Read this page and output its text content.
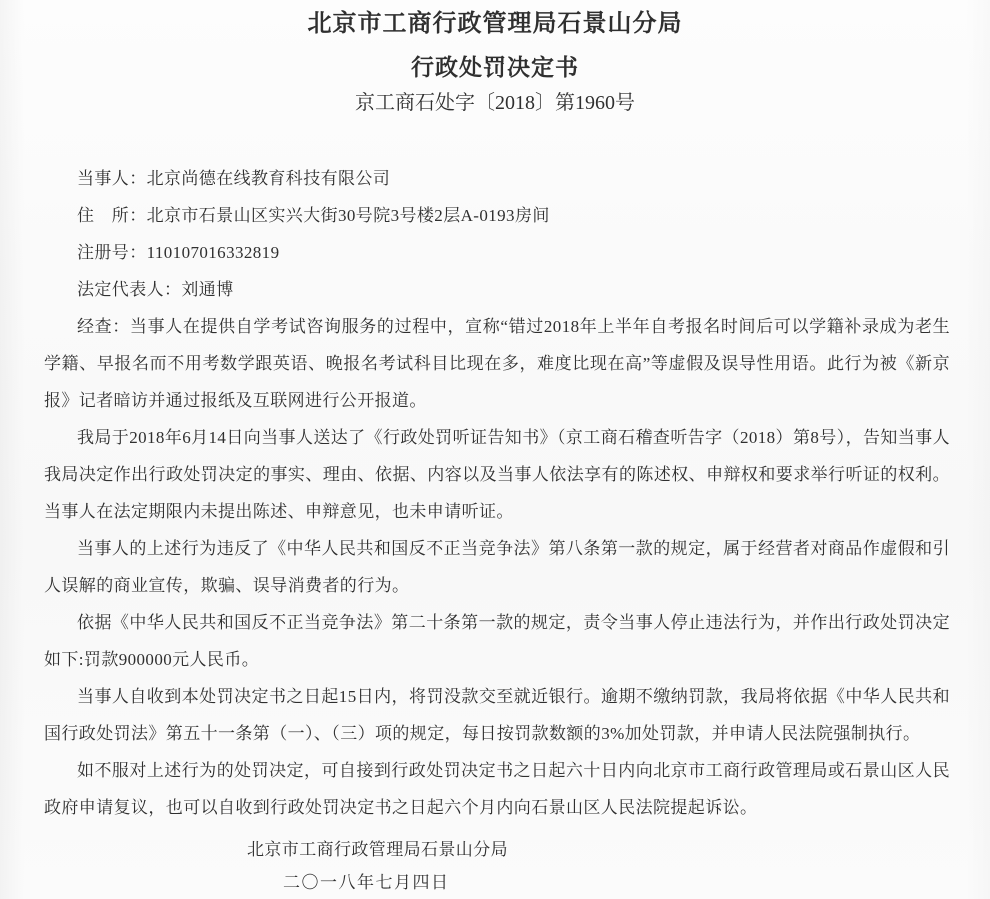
北京市工商行政管理局石景山分局
行政处罚决定书
京工商石处字〔2018〕第1960号
当事人：北京尚德在线教育科技有限公司
住　所：北京市石景山区实兴大街30号院3号楼2层A-0193房间
注册号：110107016332819
法定代表人：刘通博

经查：当事人在提供自学考试咨询服务的过程中，宣称“错过2018年上半年自考报名时间后可以学籍补录成为老生学籍、早报名而不用考数学跟英语、晚报名考试科目比现在多，难度比现在高”等虚假及误导性用语。此行为被《新京报》记者暗访并通过报纸及互联网进行公开报道。

我局于2018年6月14日向当事人送达了《行政处罚听证告知书》（京工商石稽查听告字（2018）第8号），告知当事人我局决定作出行政处罚决定的事实、理由、依据、内容以及当事人依法享有的陈述权、申辩权和要求举行听证的权利。当事人在法定期限内未提出陈述、申辩意见，也未申请听证。

当事人的上述行为违反了《中华人民共和国反不正当竞争法》第八条第一款的规定，属于经营者对商品作虚假和引人误解的商业宣传，欺骗、误导消费者的行为。

依据《中华人民共和国反不正当竞争法》第二十条第一款的规定，责令当事人停止违法行为，并作出行政处罚决定如下:罚款900000元人民币。

当事人自收到本处罚决定书之日起15日内，将罚没款交至就近银行。逾期不缴纳罚款，我局将依据《中华人民共和国行政处罚法》第五十一条第（一）、（三）项的规定，每日按罚款数额的3%加处罚款，并申请人民法院强制执行。

如不服对上述行为的处罚决定，可自接到行政处罚决定书之日起六十日内向北京市工商行政管理局或石景山区人民政府申请复议，也可以自收到行政处罚决定书之日起六个月内向石景山区人民法院提起诉讼。

北京市工商行政管理局石景山分局
二〇一八年七月四日
